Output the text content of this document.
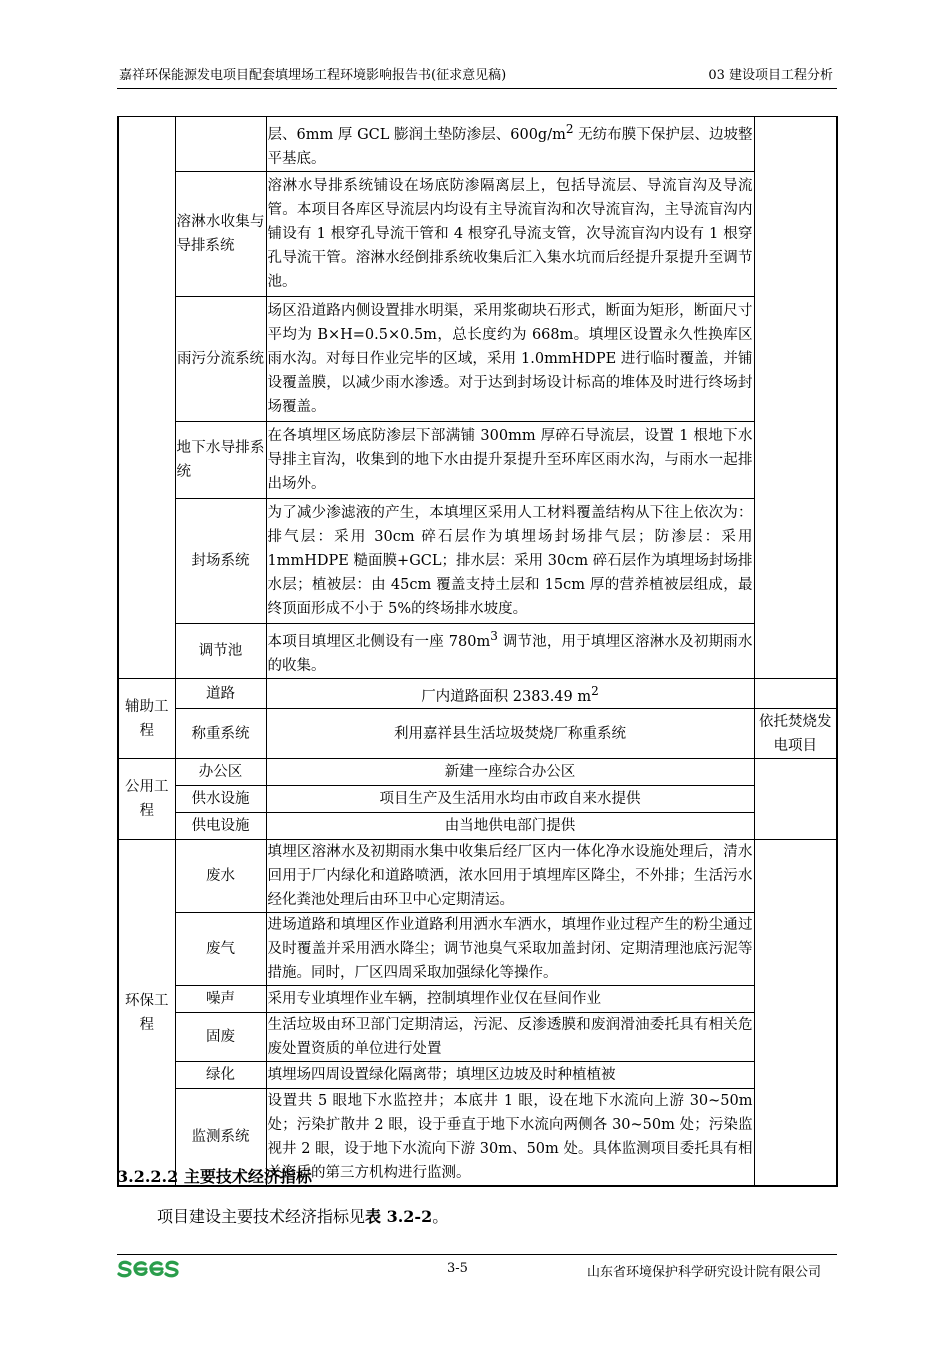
嘉祥环保能源发电项目配套填埋场工程环境影响报告书(征求意见稿)	03 建设项目工程分析
		层、6mm 厚 GCL 膨润土垫防渗层、$600g/m^2$ 无纺布膜下保护层、边坡整平基底。	
	溶淋水收集与导排系统	溶淋水导排系统铺设在场底防渗隔离层上，包括导流层、导流盲沟及导流管。本项目各库区导流层内均设有主导流盲沟和次导流盲沟，主导流盲沟内铺设有 1 根穿孔导流干管和 4 根穿孔导流支管，次导流盲沟内设有 1 根穿孔导流干管。溶淋水经倒排系统收集后汇入集水坑而后经提升泵提升至调节池。	
	雨污分流系统	场区沿道路内侧设置排水明渠，采用浆砌块石形式，断面为矩形，断面尺寸平均为 B×H=0.5×0.5m，总长度约为 668m。填埋区设置永久性换库区雨水沟。对每日作业完毕的区域，采用 1.0mmHDPE 进行临时覆盖，并铺设覆盖膜，以减少雨水渗透。对于达到封场设计标高的堆体及时进行终场封场覆盖。	
	地下水导排系统	在各填埋区场底防渗层下部满铺 300mm 厚碎石导流层，设置 1 根地下水导排主盲沟，收集到的地下水由提升泵提升至环库区雨水沟，与雨水一起排出场外。	
	封场系统	为了减少渗滤液的产生，本填埋区采用人工材料覆盖结构从下往上依次为：排气层：采用 30cm 碎石层作为填埋场封场排气层；防渗层：采用 1mmHDPE 糙面膜+GCL；排水层：采用 30cm 碎石层作为填埋场封场排水层；植被层：由 45cm 覆盖支持土层和 15cm 厚的营养植被层组成，最终顶面形成不小于 5%的终场排水坡度。	
	调节池	本项目填埋区北侧设有一座 $780m^3$ 调节池，用于填埋区溶淋水及初期雨水的收集。	
辅助工程	道路	厂内道路面积 2383.49 $m^2$	
	称重系统	利用嘉祥县生活垃圾焚烧厂称重系统	依托焚烧发电项目
公用工程	办公区	新建一座综合办公区	
	供水设施	项目生产及生活用水均由市政自来水提供	
	供电设施	由当地供电部门提供	
环保工程	废水	填埋区溶淋水及初期雨水集中收集后经厂区内一体化净水设施处理后，清水回用于厂内绿化和道路喷洒，浓水回用于填埋库区降尘，不外排；生活污水经化粪池处理后由环卫中心定期清运。	
	废气	进场道路和填埋区作业道路利用洒水车洒水，填埋作业过程产生的粉尘通过及时覆盖并采用洒水降尘；调节池臭气采取加盖封闭、定期清理池底污泥等措施。同时，厂区四周采取加强绿化等操作。	
	噪声	采用专业填埋作业车辆，控制填埋作业仅在昼间作业	
	固废	生活垃圾由环卫部门定期清运，污泥、反渗透膜和废润滑油委托具有相关危废处置资质的单位进行处置	
	绿化	填埋场四周设置绿化隔离带；填埋区边坡及时种植植被	
	监测系统	设置共 5 眼地下水监控井；本底井 1 眼，设在地下水流向上游 30~50m 处；污染扩散井 2 眼，设于垂直于地下水流向两侧各 30~50m 处；污染监视井 2 眼，设于地下水流向下游 30m、50m 处。具体监测项目委托具有相关资质的第三方机构进行监测。	
3.2.2.2 主要技术经济指标
项目建设主要技术经济指标见表 3.2-2。
3-5	山东省环境保护科学研究设计院有限公司
